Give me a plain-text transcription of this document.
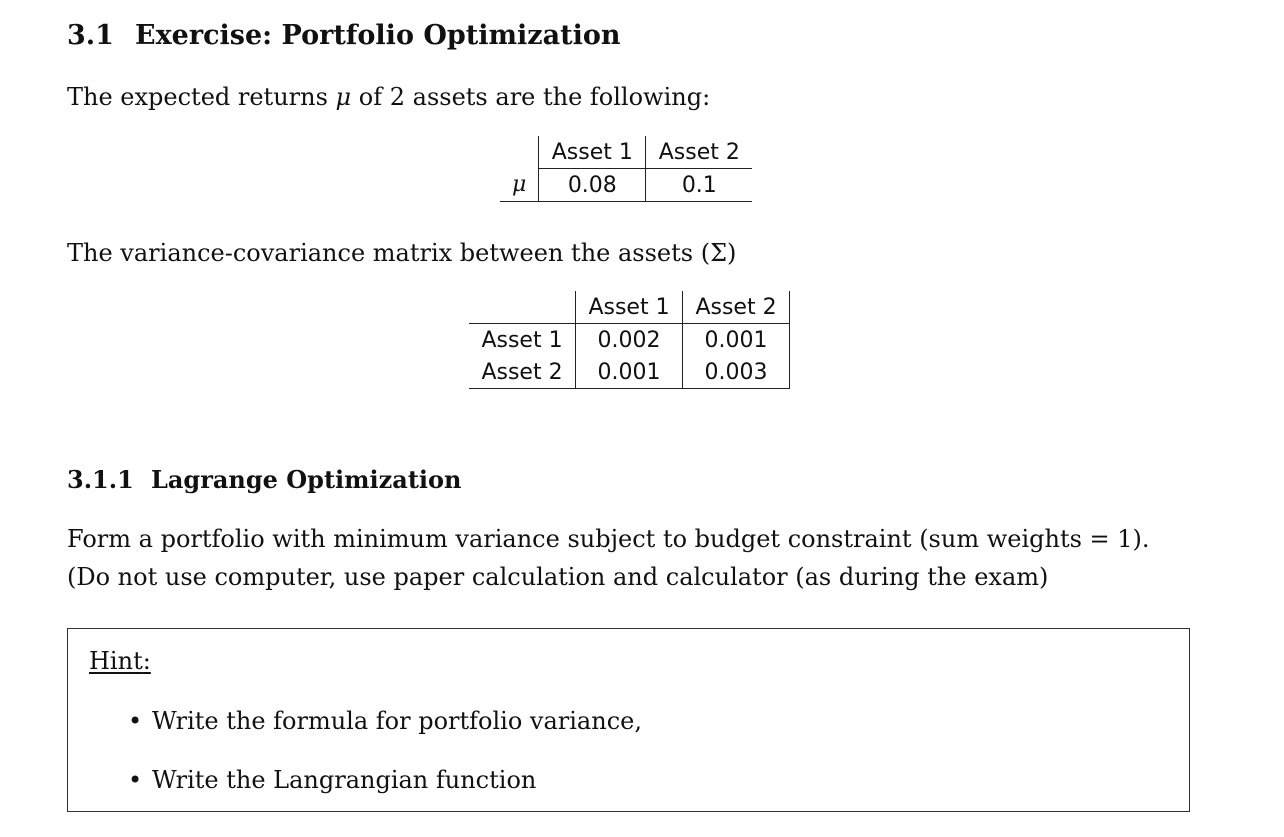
3.1 Exercise: Portfolio Optimization

The expected returns μ of 2 assets are the following:

	Asset 1	Asset 2
μ	0.08	0.1

The variance-covariance matrix between the assets (Σ)

	Asset 1	Asset 2
Asset 1	0.002	0.001
Asset 2	0.001	0.003
3.1.1 Lagrange Optimization

Form a portfolio with minimum variance subject to budget constraint (sum weights = 1). (Do not use computer, use paper calculation and calculator (as during the exam)

Hint:
• Write the formula for portfolio variance,
• Write the Langrangian function
